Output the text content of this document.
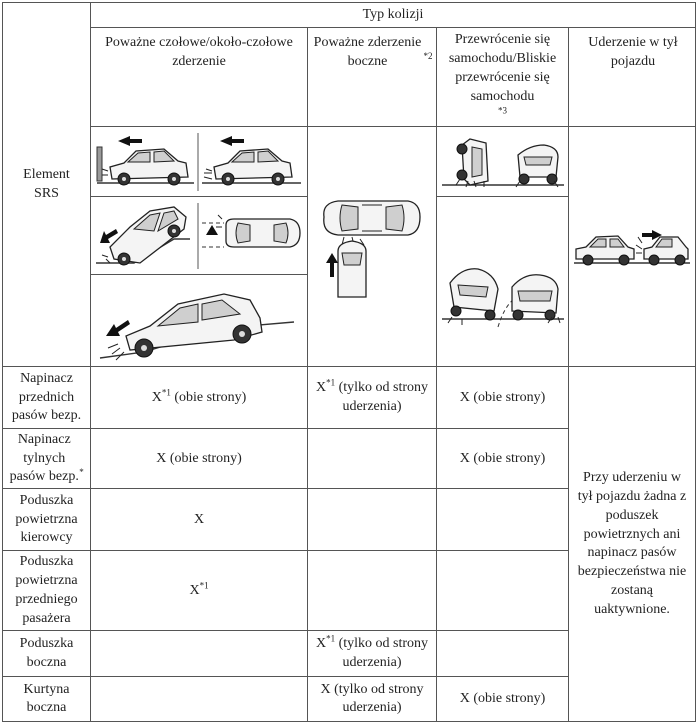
Element SRS	Typ kolizji			
	Poważne czołowe/około-czołowe zderzenie	Poważne zderzenie boczne $^{*2}$	Przewrócenie się samochodu/Bliskie przewrócenie się samochodu$^{*3}$	Uderzenie w tył pojazdu

Napinacz przednich pasów bezp.	$X^{*1}$ (obie strony)	$X^{*1}$ (tylko od strony uderzenia)	X (obie strony)	Przy uderzeniu w tył pojazdu żadna z poduszek powietrznych ani napinacz pasów bezpieczeństwa nie zostaną uaktywnione.
Napinacz tylnych pasów bezp.*	X (obie strony)		X (obie strony)	
Poduszka powietrzna kierowcy	X			
Poduszka powietrzna przedniego pasażera	$X^{*1}$		
Poduszka boczna		$X^{*1}$ (tylko od strony uderzenia)		
Kurtyna boczna		X (tylko od strony uderzenia)	X (obie strony)	
